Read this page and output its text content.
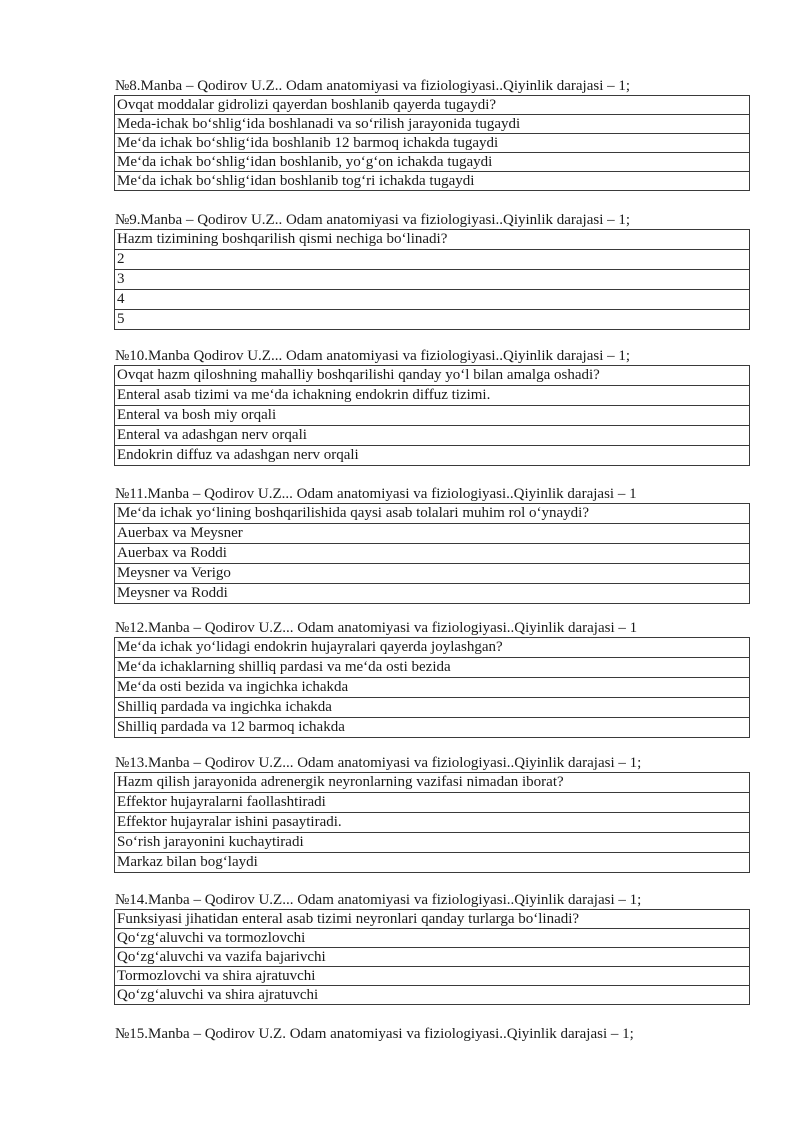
№8.Manba – Qodirov U.Z.. Odam anatomiyasi va fiziologiyasi..Qiyinlik darajasi – 1;
Ovqat moddalar gidrolizi qayerdan boshlanib qayerda tugaydi?
Meda-ichak bo‘shlig‘ida boshlanadi va so‘rilish jarayonida tugaydi
Me‘da ichak bo‘shlig‘ida boshlanib 12 barmoq ichakda tugaydi
Me‘da ichak bo‘shlig‘idan boshlanib, yo‘g‘on ichakda tugaydi
Me‘da ichak bo‘shlig‘idan boshlanib tog‘ri ichakda tugaydi
№9.Manba – Qodirov U.Z.. Odam anatomiyasi va fiziologiyasi..Qiyinlik darajasi – 1;
Hazm tizimining boshqarilish qismi nechiga bo‘linadi?
2
3
4
5
№10.Manba Qodirov U.Z... Odam anatomiyasi va fiziologiyasi..Qiyinlik darajasi – 1;
Ovqat hazm qiloshning mahalliy boshqarilishi qanday yo‘l bilan amalga oshadi?
Enteral asab tizimi va me‘da ichakning endokrin diffuz tizimi.
Enteral va bosh miy orqali
Enteral va adashgan nerv orqali
Endokrin diffuz va adashgan nerv orqali
№11.Manba – Qodirov U.Z... Odam anatomiyasi va fiziologiyasi..Qiyinlik darajasi – 1
Me‘da ichak yo‘lining boshqarilishida qaysi asab tolalari muhim rol o‘ynaydi?
Auerbax va Meysner
Auerbax va Roddi
Meysner va Verigo
Meysner va Roddi
№12.Manba – Qodirov U.Z... Odam anatomiyasi va fiziologiyasi..Qiyinlik darajasi – 1
Me‘da ichak yo‘lidagi endokrin hujayralari qayerda joylashgan?
Me‘da ichaklarning shilliq pardasi va me‘da osti bezida
Me‘da osti bezida va ingichka ichakda
Shilliq pardada va ingichka ichakda
Shilliq pardada va 12 barmoq ichakda
№13.Manba – Qodirov U.Z... Odam anatomiyasi va fiziologiyasi..Qiyinlik darajasi – 1;
Hazm qilish jarayonida adrenergik neyronlarning vazifasi nimadan iborat?
Effektor hujayralarni faollashtiradi
Effektor hujayralar ishini pasaytiradi.
So‘rish jarayonini kuchaytiradi
Markaz bilan bog‘laydi
№14.Manba – Qodirov U.Z... Odam anatomiyasi va fiziologiyasi..Qiyinlik darajasi – 1;
Funksiyasi jihatidan enteral asab tizimi neyronlari qanday turlarga bo‘linadi?
Qo‘zg‘aluvchi va tormozlovchi
Qo‘zg‘aluvchi va vazifa bajarivchi
Tormozlovchi va shira ajratuvchi
Qo‘zg‘aluvchi va shira ajratuvchi
№15.Manba – Qodirov U.Z. Odam anatomiyasi va fiziologiyasi..Qiyinlik darajasi – 1;
